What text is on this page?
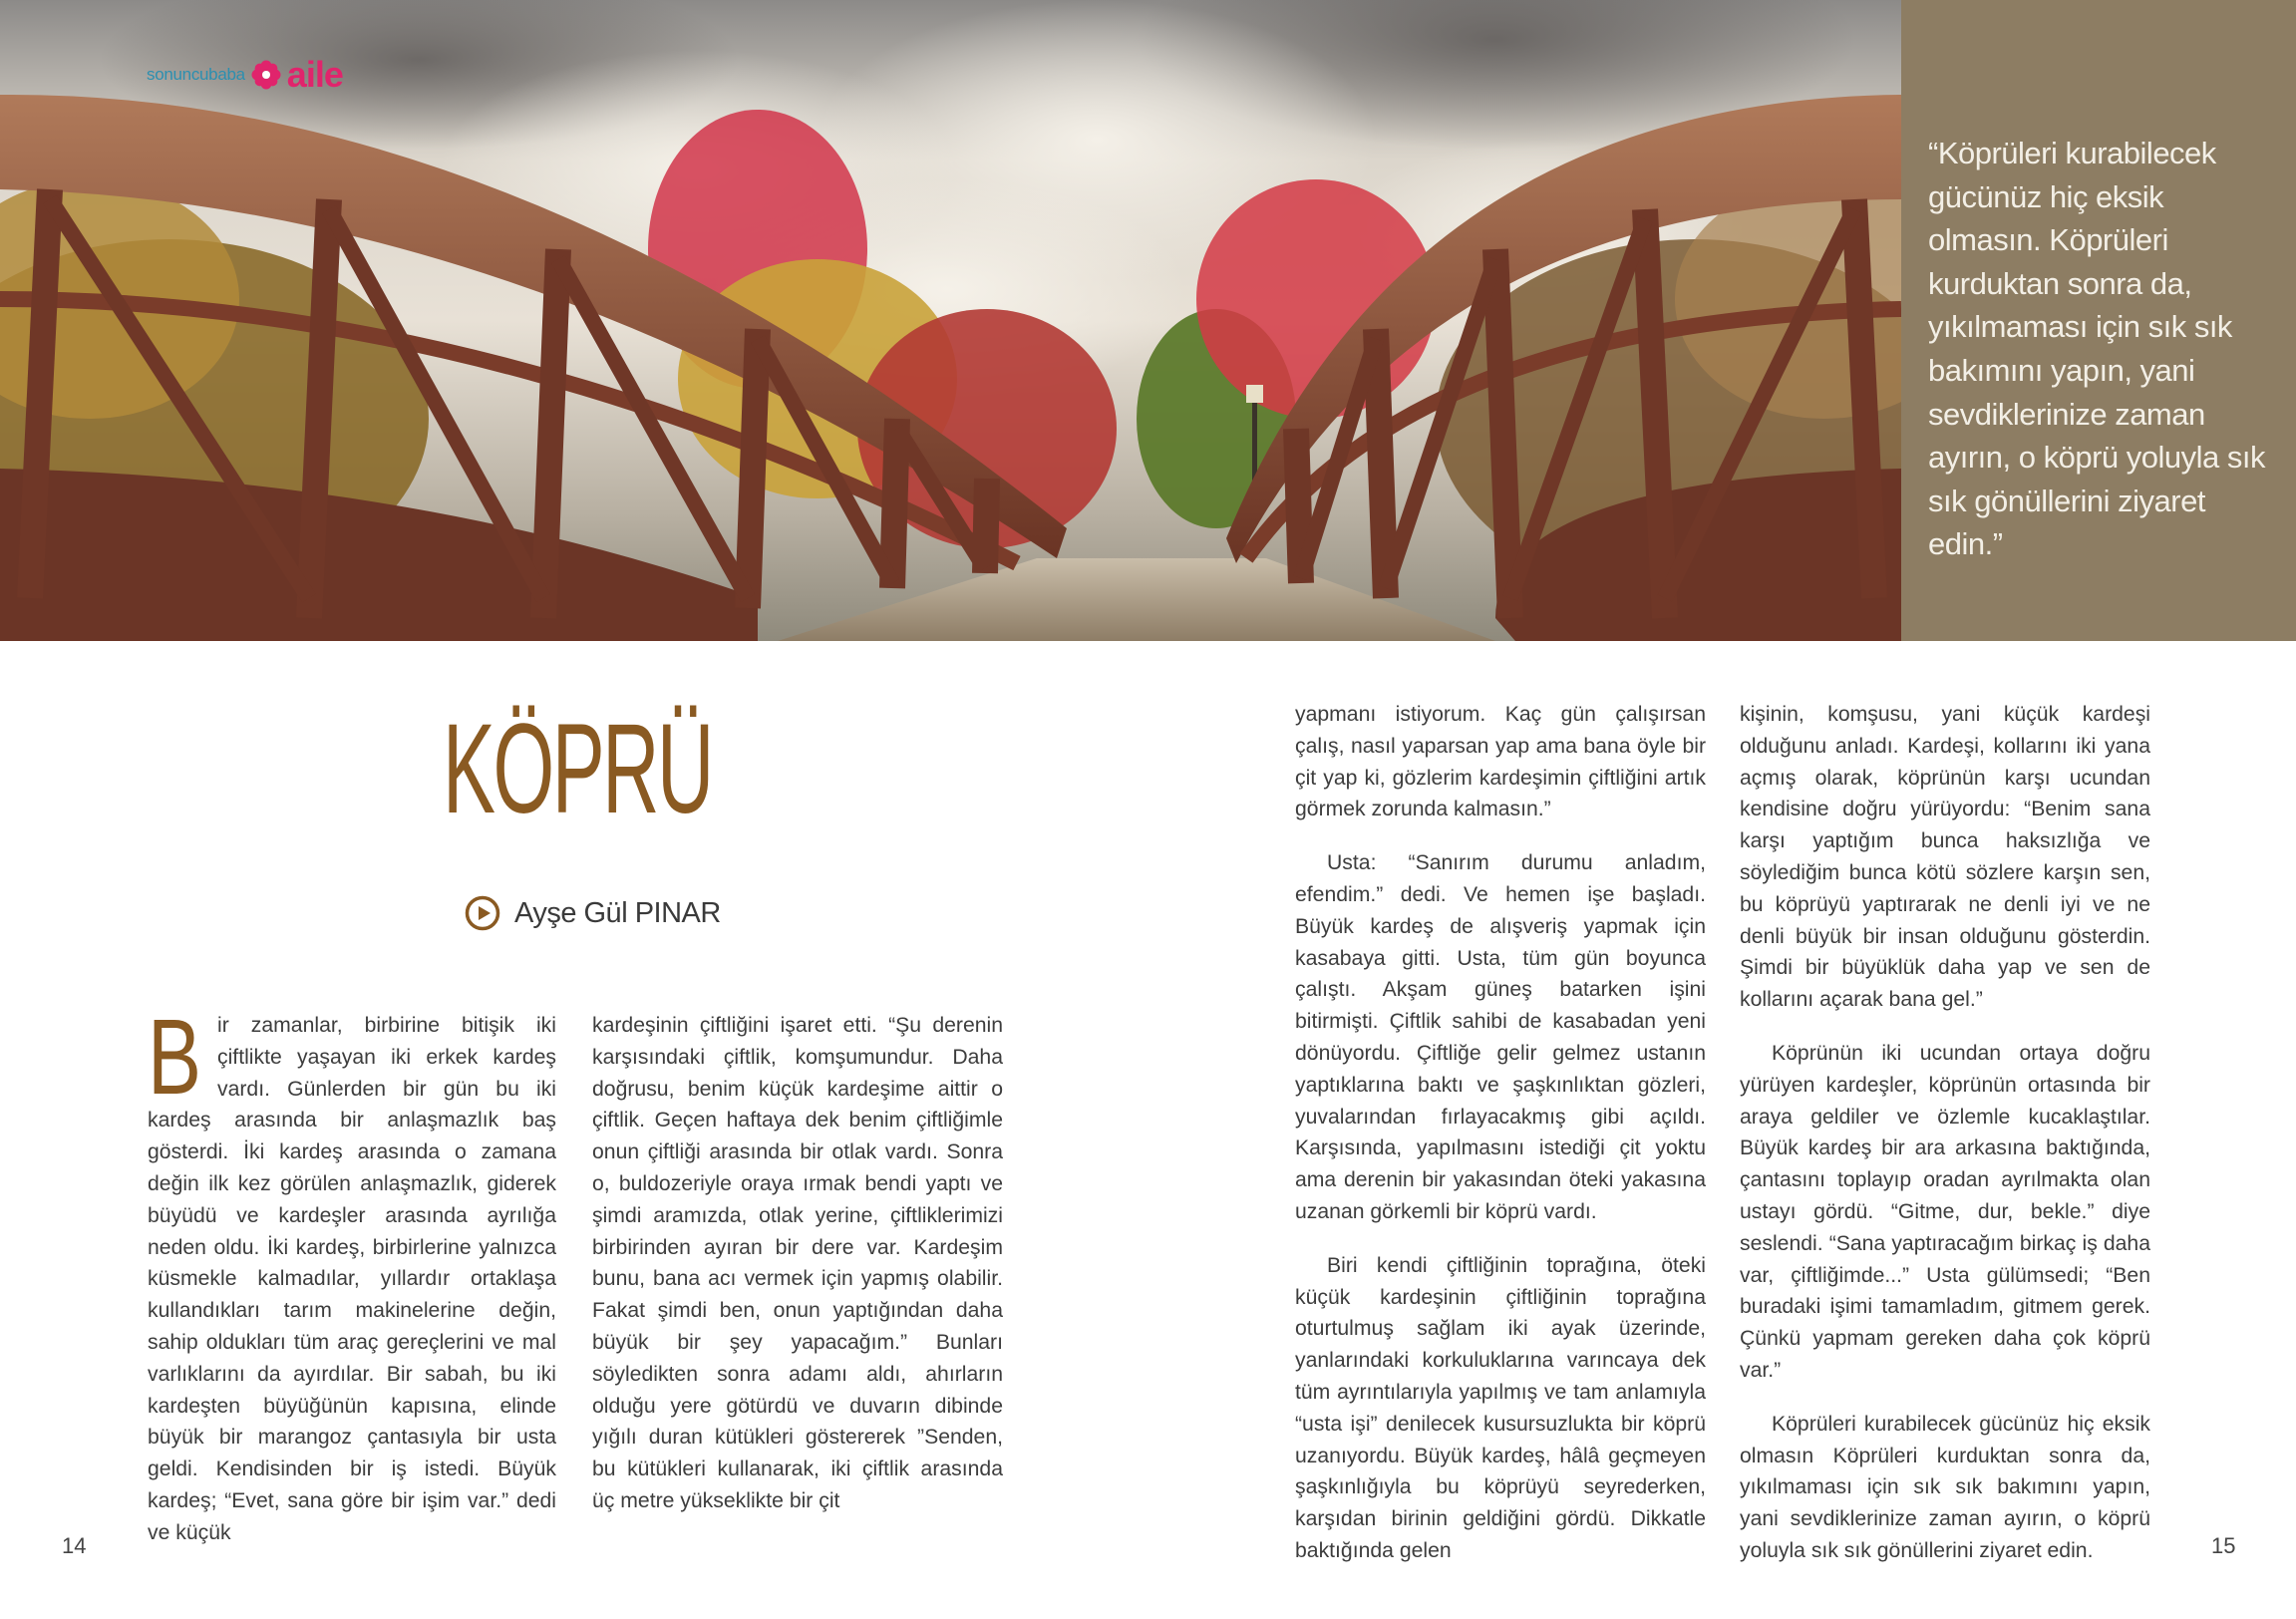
sonuncubaba aile
“Köprüleri kurabilecek gücünüz hiç eksik olmasın. Köprüleri kurduktan sonra da, yıkılmaması için sık sık bakımını yapın, yani sevdiklerinize zaman ayırın, o köprü yoluyla sık sık gönüllerini ziyaret edin.”
KÖPRÜ
Ayşe Gül PINAR
B ir zamanlar, birbirine bitişik iki çiftlikte yaşayan iki erkek kardeş vardı. Günlerden bir gün bu iki kardeş arasında bir anlaşmazlık baş gösterdi. İki kardeş arasında o zamana değin ilk kez görülen anlaşmazlık, giderek büyüdü ve kardeşler arasında ayrılığa neden oldu. İki kardeş, birbirlerine yalnızca küsmekle kalmadılar, yıllardır ortaklaşa kullandıkları tarım makinelerine değin, sahip oldukları tüm araç gereçlerini ve mal varlıklarını da ayırdılar. Bir sabah, bu iki kardeşten büyüğünün kapısına, elinde büyük bir marangoz çantasıyla bir usta geldi. Kendisinden bir iş istedi. Büyük kardeş; “Evet, sana göre bir işim var.” dedi ve küçük

kardeşinin çiftliğini işaret etti. “Şu derenin karşısındaki çiftlik, komşumundur. Daha doğrusu, benim küçük kardeşime aittir o çiftlik. Geçen haftaya dek benim çiftliğimle onun çiftliği arasında bir otlak vardı. Sonra o, buldozeriyle oraya ırmak bendi yaptı ve şimdi aramızda, otlak yerine, çiftliklerimizi birbirinden ayıran bir dere var. Kardeşim bunu, bana acı vermek için yapmış olabilir. Fakat şimdi ben, onun yaptığından daha büyük bir şey yapacağım.” Bunları söyledikten sonra adamı aldı, ahırların olduğu yere götürdü ve duvarın dibinde yığılı duran kütükleri göstererek ”Senden, bu kütükleri kullanarak, iki çiftlik arasında üç metre yükseklikte bir çit

yapmanı istiyorum. Kaç gün çalışırsan çalış, nasıl yaparsan yap ama bana öyle bir çit yap ki, gözlerim kardeşimin çiftliğini artık görmek zorunda kalmasın.”

Usta: “Sanırım durumu anladım, efendim.” dedi. Ve hemen işe başladı. Büyük kardeş de alışveriş yapmak için kasabaya gitti. Usta, tüm gün boyunca çalıştı. Akşam güneş batarken işini bitirmişti. Çiftlik sahibi de kasabadan yeni dönüyordu. Çiftliğe gelir gelmez ustanın yaptıklarına baktı ve şaşkınlıktan gözleri, yuvalarından fırlayacakmış gibi açıldı. Karşısında, yapılmasını istediği çit yoktu ama derenin bir yakasından öteki yakasına uzanan görkemli bir köprü vardı.

Biri kendi çiftliğinin toprağına, öteki küçük kardeşinin çiftliğinin toprağına oturtulmuş sağlam iki ayak üzerinde, yanlarındaki korkuluklarına varıncaya dek tüm ayrıntılarıyla yapılmış ve tam anlamıyla “usta işi” denilecek kusursuzlukta bir köprü uzanıyordu. Büyük kardeş, hâlâ geçmeyen şaşkınlığıyla bu köprüyü seyrederken, karşıdan birinin geldiğini gördü. Dikkatle baktığında gelen

kişinin, komşusu, yani küçük kardeşi olduğunu anladı. Kardeşi, kollarını iki yana açmış olarak, köprünün karşı ucundan kendisine doğru yürüyordu: “Benim sana karşı yaptığım bunca haksızlığa ve söylediğim bunca kötü sözlere karşın sen, bu köprüyü yaptırarak ne denli iyi ve ne denli büyük bir insan olduğunu gösterdin. Şimdi bir büyüklük daha yap ve sen de kollarını açarak bana gel.”

Köprünün iki ucundan ortaya doğru yürüyen kardeşler, köprünün ortasında bir araya geldiler ve özlemle kucaklaştılar. Büyük kardeş bir ara arkasına baktığında, çantasını toplayıp oradan ayrılmakta olan ustayı gördü. “Gitme, dur, bekle.” diye seslendi. “Sana yaptıracağım birkaç iş daha var, çiftliğimde...” Usta gülümsedi; “Ben buradaki işimi tamamladım, gitmem gerek. Çünkü yapmam gereken daha çok köprü var.”

Köprüleri kurabilecek gücünüz hiç eksik olmasın Köprüleri kurduktan sonra da, yıkılmaması için sık sık bakımını yapın, yani sevdiklerinize zaman ayırın, o köprü yoluyla sık sık gönüllerini ziyaret edin.

14	15
